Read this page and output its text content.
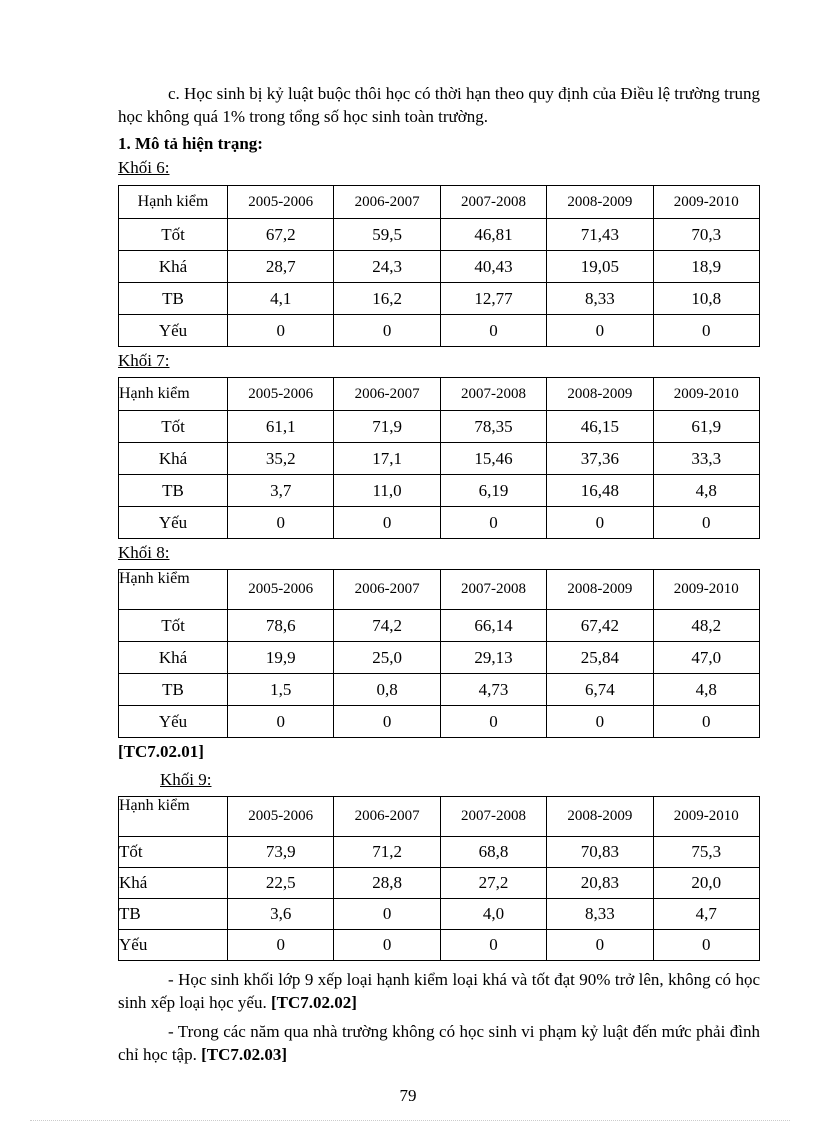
c. Học sinh bị kỷ luật buộc thôi học có thời hạn theo quy định của Điều lệ trường trung học không quá 1% trong tổng số học sinh toàn trường.
1. Mô tả hiện trạng:
Khối 6:
Hạnh kiểm	2005-2006	2006-2007	2007-2008	2008-2009	2009-2010
Tốt	67,2	59,5	46,81	71,43	70,3
Khá	28,7	24,3	40,43	19,05	18,9
TB	4,1	16,2	12,77	8,33	10,8
Yếu	0	0	0	0	0
Khối 7:
Hạnh kiểm	2005-2006	2006-2007	2007-2008	2008-2009	2009-2010
Tốt	61,1	71,9	78,35	46,15	61,9
Khá	35,2	17,1	15,46	37,36	33,3
TB	3,7	11,0	6,19	16,48	4,8
Yếu	0	0	0	0	0
Khối 8:
Hạnh kiểm	2005-2006	2006-2007	2007-2008	2008-2009	2009-2010
Tốt	78,6	74,2	66,14	67,42	48,2
Khá	19,9	25,0	29,13	25,84	47,0
TB	1,5	0,8	4,73	6,74	4,8
Yếu	0	0	0	0	0
[TC7.02.01]
Khối 9:
Hạnh kiểm	2005-2006	2006-2007	2007-2008	2008-2009	2009-2010
Tốt	73,9	71,2	68,8	70,83	75,3
Khá	22,5	28,8	27,2	20,83	20,0
TB	3,6	0	4,0	8,33	4,7
Yếu	0	0	0	0	0
- Học sinh khối lớp 9 xếp loại hạnh kiểm loại khá và tốt đạt 90% trở lên, không có học sinh xếp loại học yếu. [TC7.02.02]
- Trong các năm qua nhà trường không có học sinh vi phạm kỷ luật đến mức phải đình chỉ học tập. [TC7.02.03]
79
